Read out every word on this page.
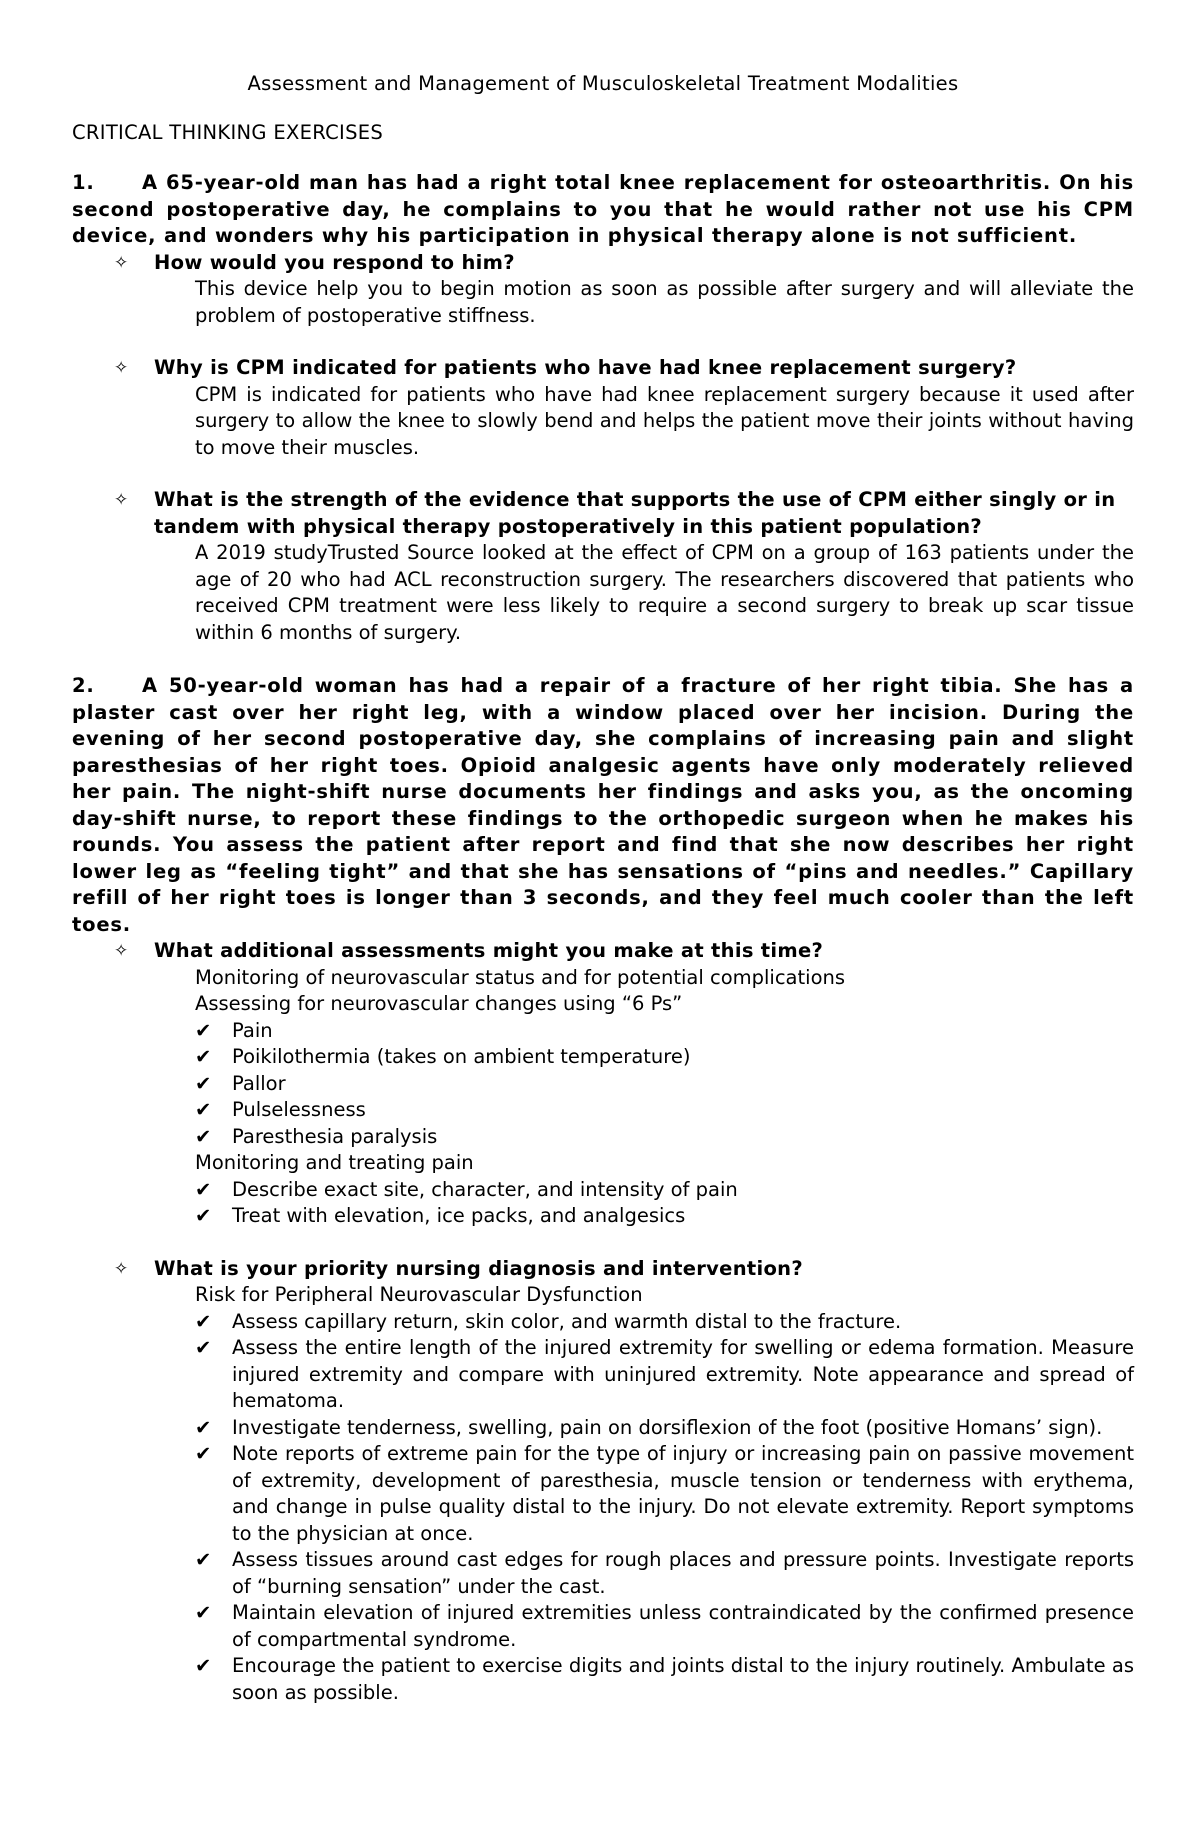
Assessment and Management of Musculoskeletal Treatment Modalities

CRITICAL THINKING EXERCISES

1. A 65-year-old man has had a right total knee replacement for osteoarthritis. On his second postoperative day, he complains to you that he would rather not use his CPM device, and wonders why his participation in physical therapy alone is not sufficient.

✧ How would you respond to him?

This device help you to begin motion as soon as possible after surgery and will alleviate the problem of postoperative stiffness.

✧ Why is CPM indicated for patients who have had knee replacement surgery?

CPM is indicated for patients who have had knee replacement surgery because it used after surgery to allow the knee to slowly bend and helps the patient move their joints without having to move their muscles.

✧ What is the strength of the evidence that supports the use of CPM either singly or in tandem with physical therapy postoperatively in this patient population?

A 2019 studyTrusted Source looked at the effect of CPM on a group of 163 patients under the age of 20 who had ACL reconstruction surgery. The researchers discovered that patients who received CPM treatment were less likely to require a second surgery to break up scar tissue within 6 months of surgery.

2. A 50-year-old woman has had a repair of a fracture of her right tibia. She has a plaster cast over her right leg, with a window placed over her incision. During the evening of her second postoperative day, she complains of increasing pain and slight paresthesias of her right toes. Opioid analgesic agents have only moderately relieved her pain. The night-shift nurse documents her findings and asks you, as the oncoming day-shift nurse, to report these findings to the orthopedic surgeon when he makes his rounds. You assess the patient after report and find that she now describes her right lower leg as “feeling tight” and that she has sensations of “pins and needles.” Capillary refill of her right toes is longer than 3 seconds, and they feel much cooler than the left toes.

✧ What additional assessments might you make at this time?

Monitoring of neurovascular status and for potential complications

Assessing for neurovascular changes using “6 Ps”

✔ Pain
✔ Poikilothermia (takes on ambient temperature)
✔ Pallor
✔ Pulselessness
✔ Paresthesia paralysis

Monitoring and treating pain

✔ Describe exact site, character, and intensity of pain
✔ Treat with elevation, ice packs, and analgesics

✧ What is your priority nursing diagnosis and intervention?

Risk for Peripheral Neurovascular Dysfunction

✔ Assess capillary return, skin color, and warmth distal to the fracture.
✔ Assess the entire length of the injured extremity for swelling or edema formation. Measure injured extremity and compare with uninjured extremity. Note appearance and spread of hematoma.
✔ Investigate tenderness, swelling, pain on dorsiflexion of the foot (positive Homans’ sign).
✔ Note reports of extreme pain for the type of injury or increasing pain on passive movement of extremity, development of paresthesia, muscle tension or tenderness with erythema, and change in pulse quality distal to the injury. Do not elevate extremity. Report symptoms to the physician at once.
✔ Assess tissues around cast edges for rough places and pressure points. Investigate reports of “burning sensation” under the cast.
✔ Maintain elevation of injured extremities unless contraindicated by the confirmed presence of compartmental syndrome.
✔ Encourage the patient to exercise digits and joints distal to the injury routinely. Ambulate as soon as possible.
